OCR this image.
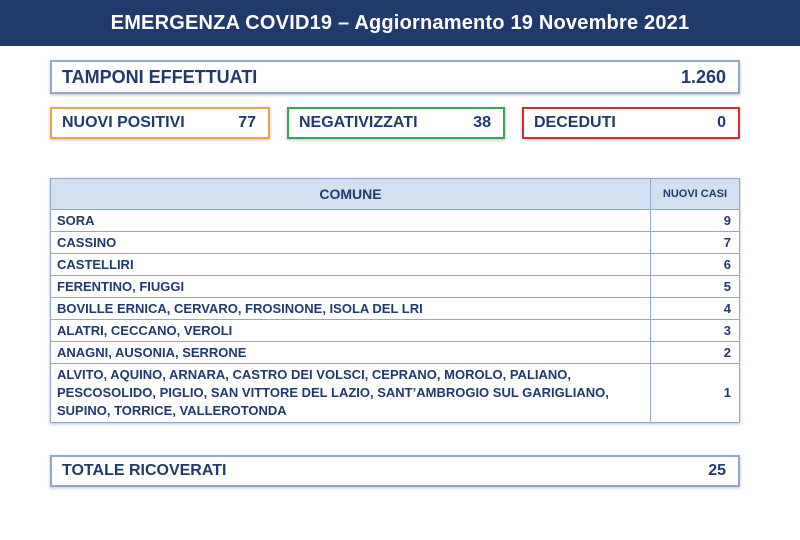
EMERGENZA COVID19 – Aggiornamento 19 Novembre 2021
TAMPONI EFFETTUATI	1.260
NUOVI POSITIVI	77	NEGATIVIZZATI	38	DECEDUTI	0
COMUNE	NUOVI CASI
SORA	9
CASSINO	7
CASTELLIRI	6
FERENTINO, FIUGGI	5
BOVILLE ERNICA, CERVARO, FROSINONE, ISOLA DEL LRI	4
ALATRI, CECCANO, VEROLI	3
ANAGNI, AUSONIA, SERRONE	2
ALVITO, AQUINO, ARNARA, CASTRO DEI VOLSCI, CEPRANO, MOROLO, PALIANO, PESCOSOLIDO, PIGLIO, SAN VITTORE DEL LAZIO, SANT’AMBROGIO SUL GARIGLIANO, SUPINO, TORRICE, VALLEROTONDA	1
TOTALE RICOVERATI	25
